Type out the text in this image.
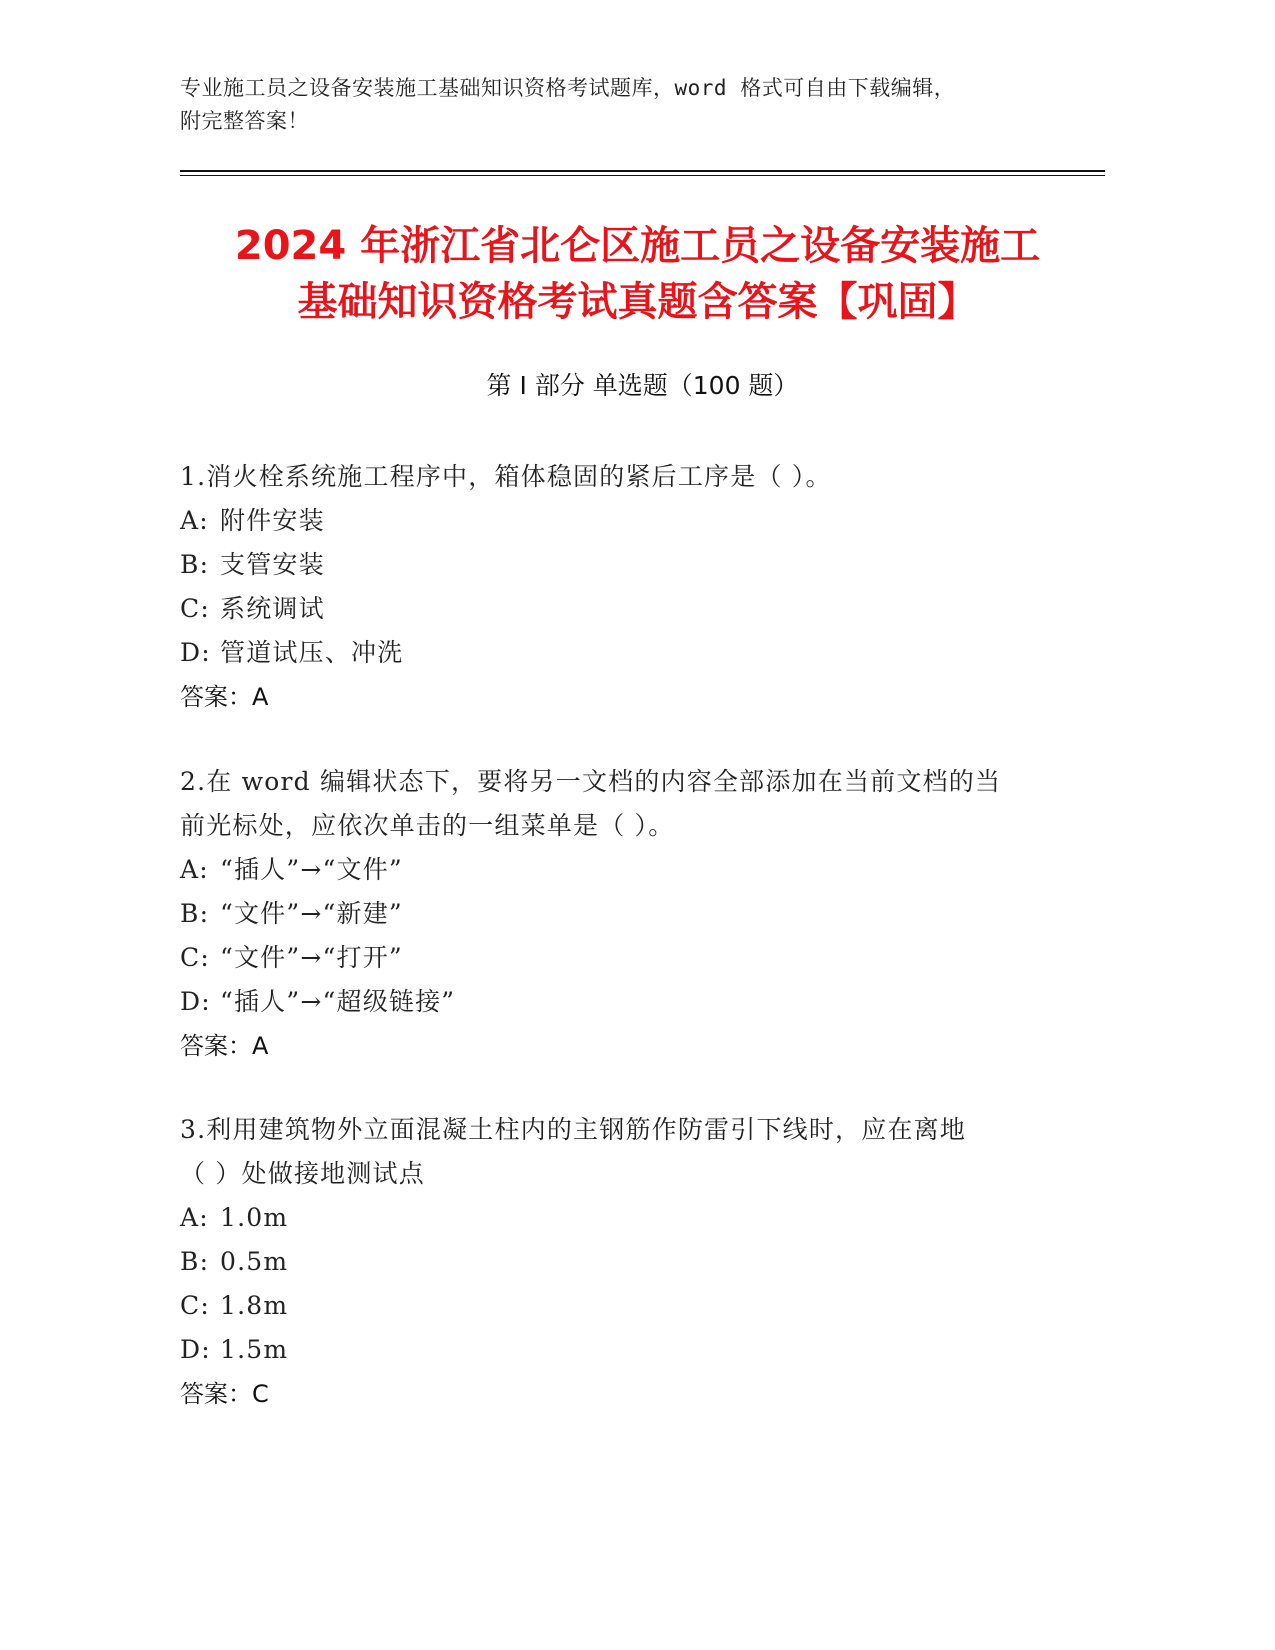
专业施工员之设备安装施工基础知识资格考试题库，word 格式可自由下载编辑，
附完整答案！
2024 年浙江省北仑区施工员之设备安装施工
基础知识资格考试真题含答案【巩固】
第 I 部分 单选题（100 题）
1.消火栓系统施工程序中，箱体稳固的紧后工序是（ ）。
A: 附件安装
B: 支管安装
C: 系统调试
D: 管道试压、冲洗
答案：A
2.在 word 编辑状态下，要将另一文档的内容全部添加在当前文档的当
前光标处，应依次单击的一组菜单是（ ）。
A: “插人”→“文件”
B: “文件”→“新建”
C: “文件”→“打开”
D: “插人”→“超级链接”
答案：A
3.利用建筑物外立面混凝土柱内的主钢筋作防雷引下线时，应在离地
（ ）处做接地测试点
A: 1.0m
B: 0.5m
C: 1.8m
D: 1.5m
答案：C
